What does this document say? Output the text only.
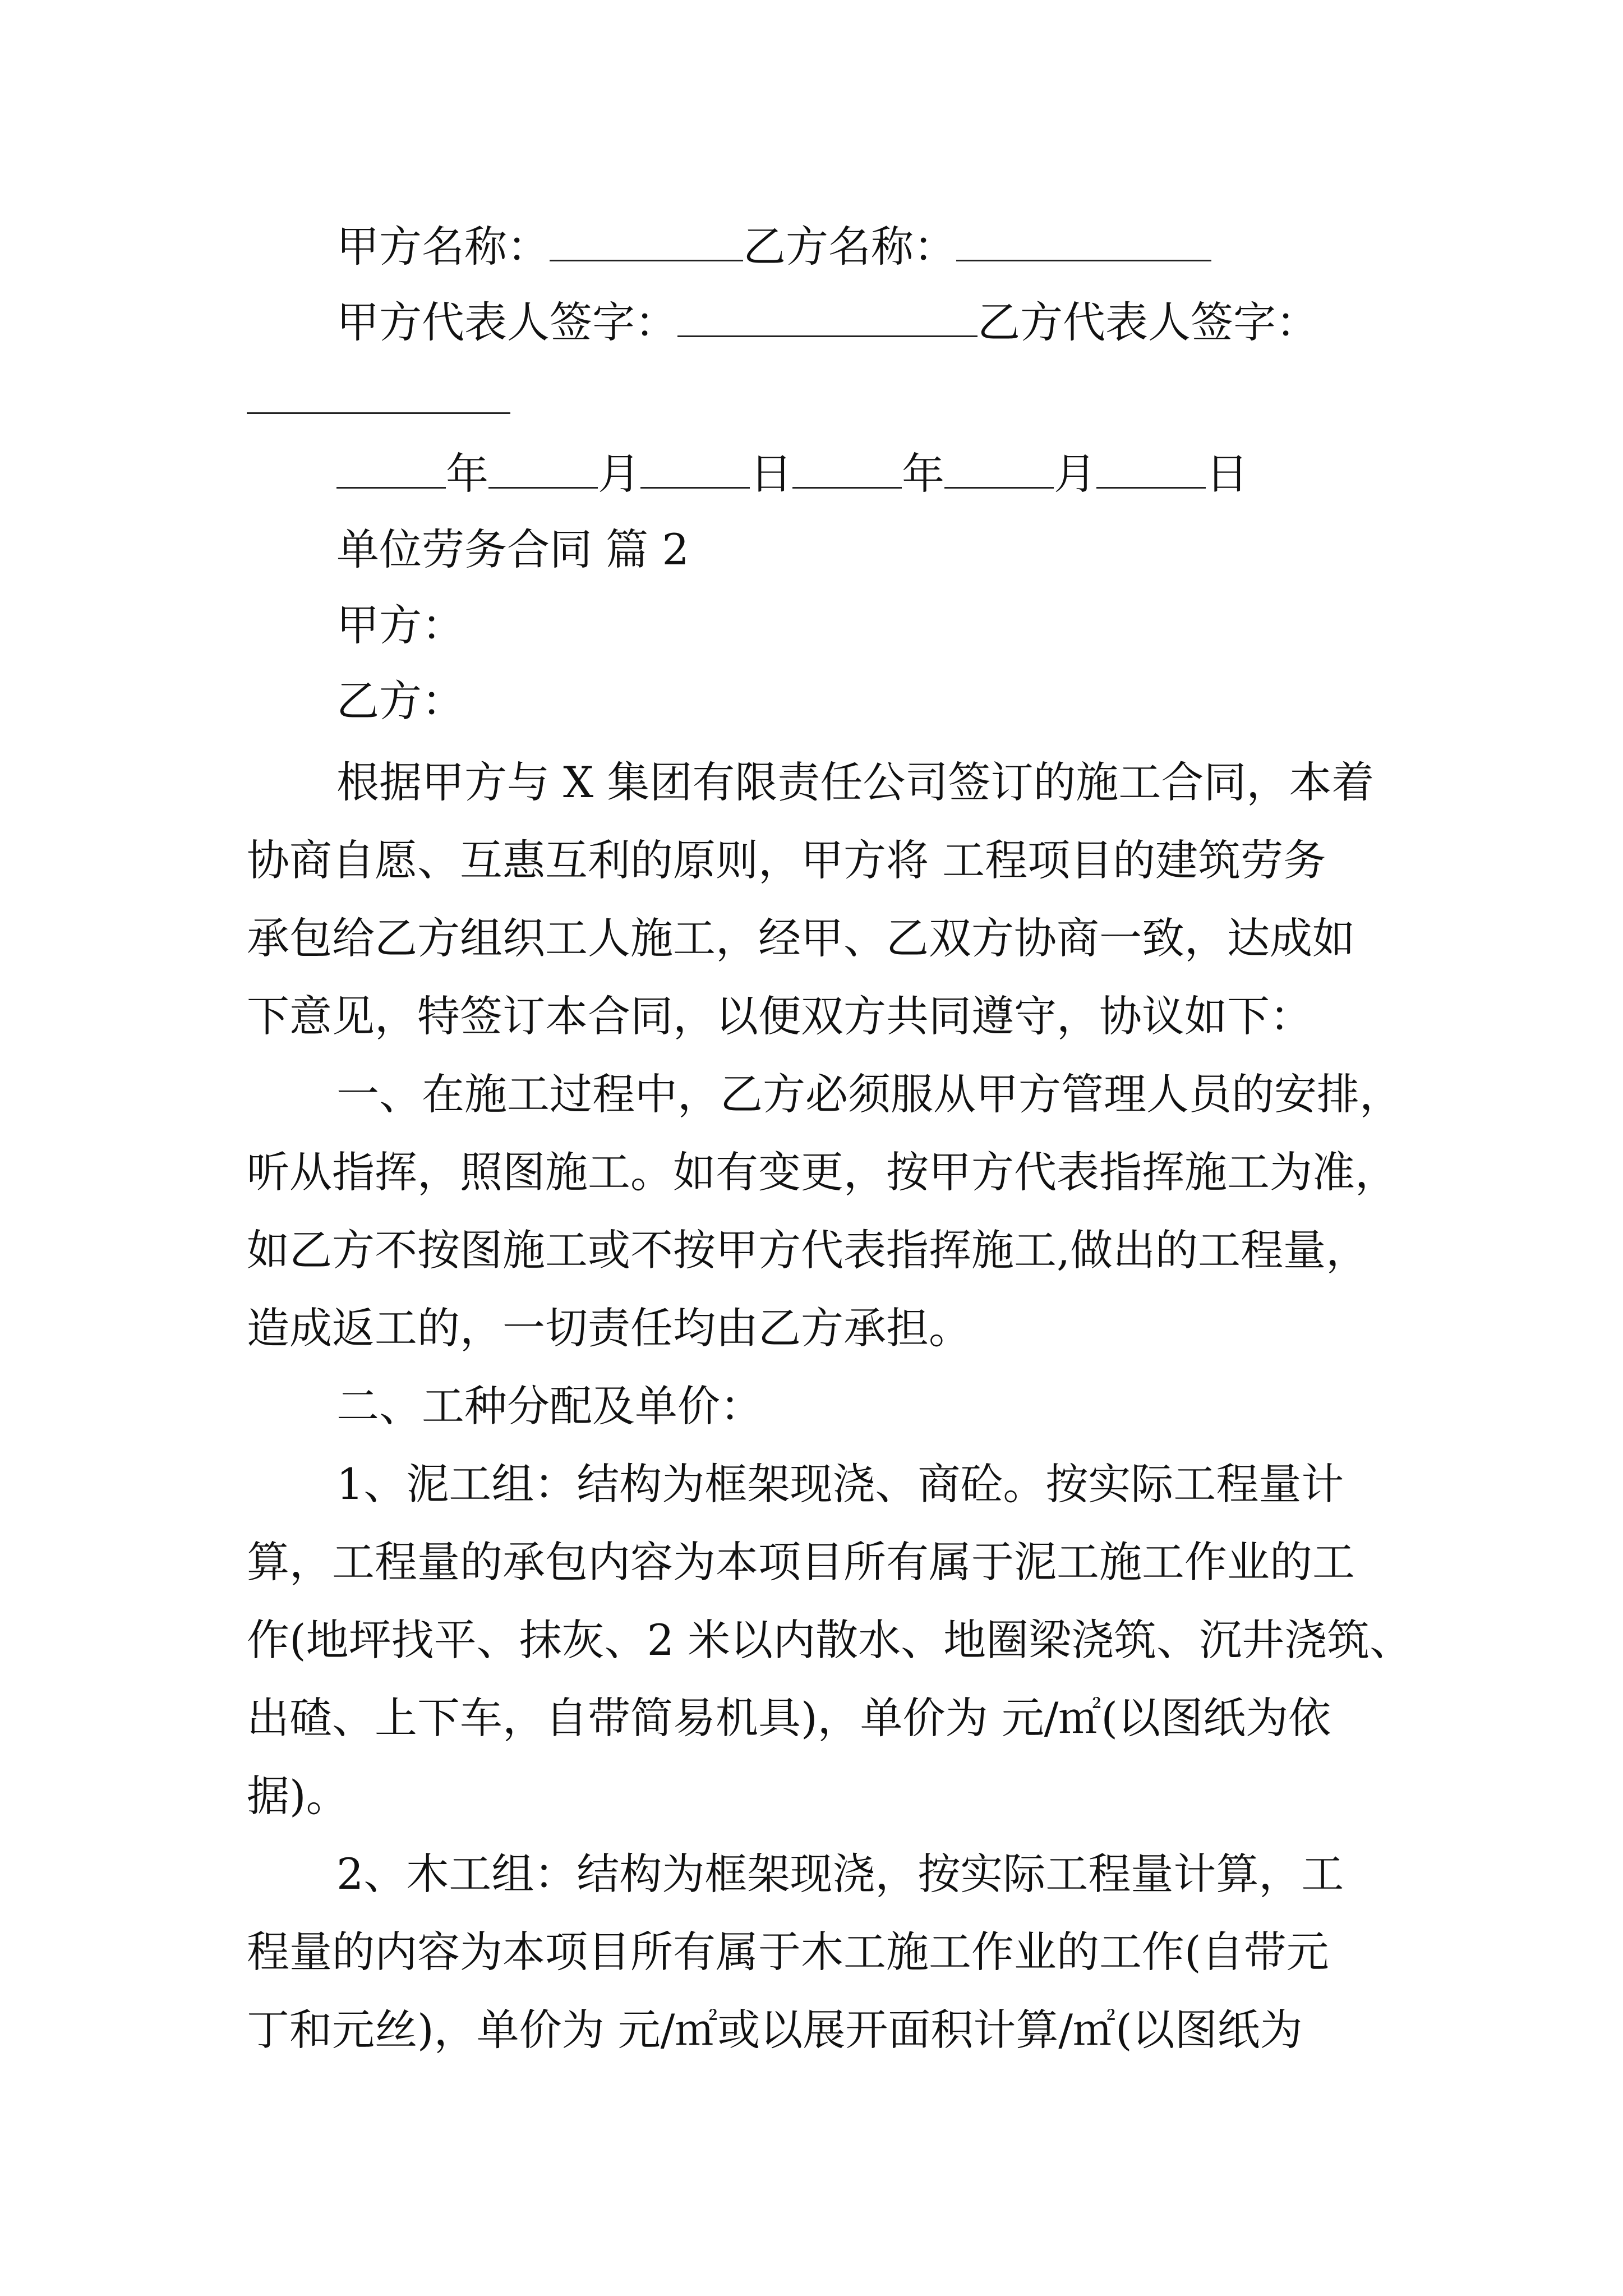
甲方名称：	乙方名称：
甲方代表人签字：	乙方代表人签字：
年	月	日	年	月	日
单位劳务合同 篇 2
甲方：
乙方：
根据甲方与 X 集团有限责任公司签订的施工合同，本着
协商自愿、互惠互利的原则，甲方将 工程项目的建筑劳务
承包给乙方组织工人施工，经甲、乙双方协商一致，达成如
下意见，特签订本合同，以便双方共同遵守，协议如下：
一、在施工过程中，乙方必须服从甲方管理人员的安排，
听从指挥，照图施工。如有变更，按甲方代表指挥施工为准，
如乙方不按图施工或不按甲方代表指挥施工,做出的工程量，
造成返工的，一切责任均由乙方承担。
二、工种分配及单价：
1、泥工组：结构为框架现浇、商砼。按实际工程量计
算，工程量的承包内容为本项目所有属于泥工施工作业的工
作(地坪找平、抹灰、2 米以内散水、地圈梁浇筑、沉井浇筑、
出碴、上下车，自带简易机具)，单价为 元/㎡(以图纸为依
据)。
2、木工组：结构为框架现浇，按实际工程量计算，工
程量的内容为本项目所有属于木工施工作业的工作(自带元
丁和元丝)，单价为 元/㎡或以展开面积计算/㎡(以图纸为
